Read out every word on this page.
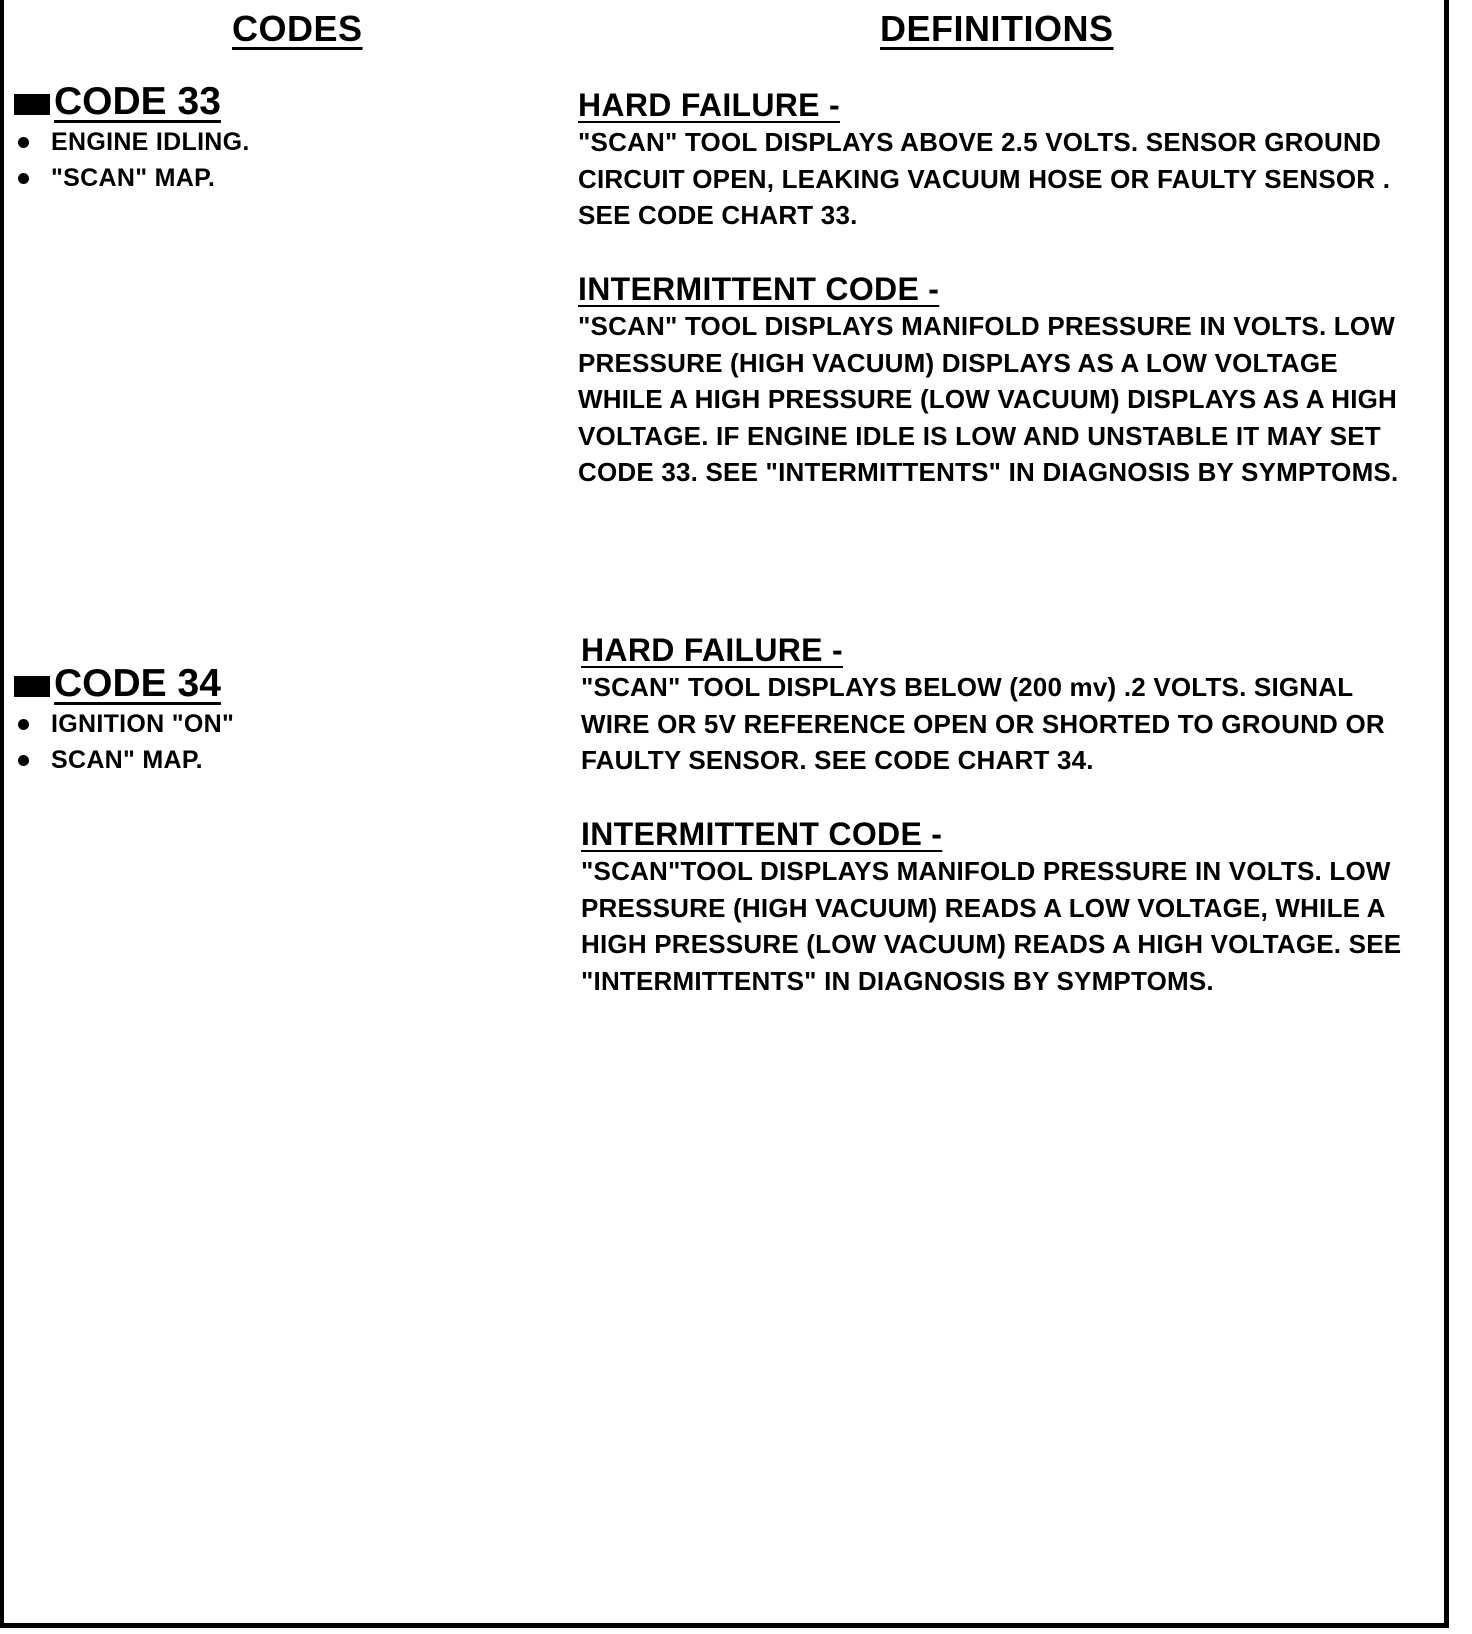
CODES	DEFINITIONS
CODE 33
ENGINE IDLING.
"SCAN" MAP.
CODE 34
IGNITION "ON"
SCAN" MAP.
HARD FAILURE -
"SCAN" TOOL DISPLAYS ABOVE 2.5 VOLTS. SENSOR GROUND
CIRCUIT OPEN, LEAKING VACUUM HOSE OR FAULTY SENSOR .
SEE CODE CHART 33.
INTERMITTENT CODE -
"SCAN" TOOL DISPLAYS MANIFOLD PRESSURE IN VOLTS. LOW
PRESSURE (HIGH VACUUM) DISPLAYS AS A LOW VOLTAGE
WHILE A HIGH PRESSURE (LOW VACUUM) DISPLAYS AS A HIGH
VOLTAGE. IF ENGINE IDLE IS LOW AND UNSTABLE IT MAY SET
CODE 33. SEE "INTERMITTENTS" IN DIAGNOSIS BY SYMPTOMS.
HARD FAILURE -
"SCAN" TOOL DISPLAYS BELOW (200 mv) .2 VOLTS. SIGNAL
WIRE OR 5V REFERENCE OPEN OR SHORTED TO GROUND OR
FAULTY SENSOR. SEE CODE CHART 34.
INTERMITTENT CODE -
"SCAN"TOOL DISPLAYS MANIFOLD PRESSURE IN VOLTS. LOW
PRESSURE (HIGH VACUUM) READS A LOW VOLTAGE, WHILE A
HIGH PRESSURE (LOW VACUUM) READS A HIGH VOLTAGE. SEE
"INTERMITTENTS" IN DIAGNOSIS BY SYMPTOMS.
